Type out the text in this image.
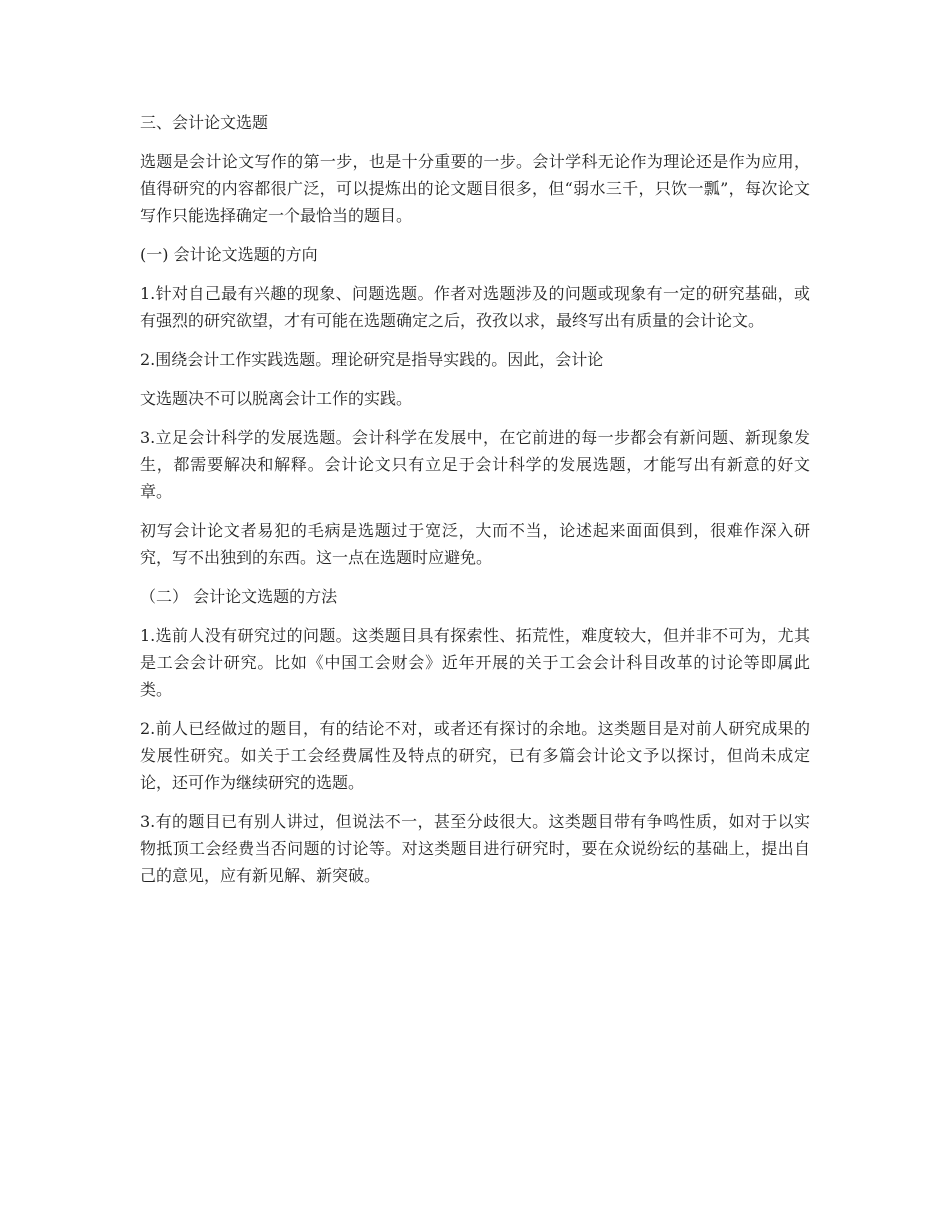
三、会计论文选题

选题是会计论文写作的第一步，也是十分重要的一步。会计学科无论作为理论还是作为应用，值得研究的内容都很广泛，可以提炼出的论文题目很多，但“弱水三千，只饮一瓢”，每次论文写作只能选择确定一个最恰当的题目。

(一) 会计论文选题的方向

1.针对自己最有兴趣的现象、问题选题。作者对选题涉及的问题或现象有一定的研究基础，或有强烈的研究欲望，才有可能在选题确定之后，孜孜以求，最终写出有质量的会计论文。

2.围绕会计工作实践选题。理论研究是指导实践的。因此，会计论

文选题决不可以脱离会计工作的实践。

3.立足会计科学的发展选题。会计科学在发展中，在它前进的每一步都会有新问题、新现象发生，都需要解决和解释。会计论文只有立足于会计科学的发展选题，才能写出有新意的好文章。

初写会计论文者易犯的毛病是选题过于宽泛，大而不当，论述起来面面俱到，很难作深入研究，写不出独到的东西。这一点在选题时应避免。

（二） 会计论文选题的方法

1.选前人没有研究过的问题。这类题目具有探索性、拓荒性，难度较大，但并非不可为，尤其是工会会计研究。比如《中国工会财会》近年开展的关于工会会计科目改革的讨论等即属此类。

2.前人已经做过的题目，有的结论不对，或者还有探讨的余地。这类题目是对前人研究成果的发展性研究。如关于工会经费属性及特点的研究，已有多篇会计论文予以探讨，但尚未成定论，还可作为继续研究的选题。

3.有的题目已有别人讲过，但说法不一，甚至分歧很大。这类题目带有争鸣性质，如对于以实物抵顶工会经费当否问题的讨论等。对这类题目进行研究时，要在众说纷纭的基础上，提出自己的意见，应有新见解、新突破。
